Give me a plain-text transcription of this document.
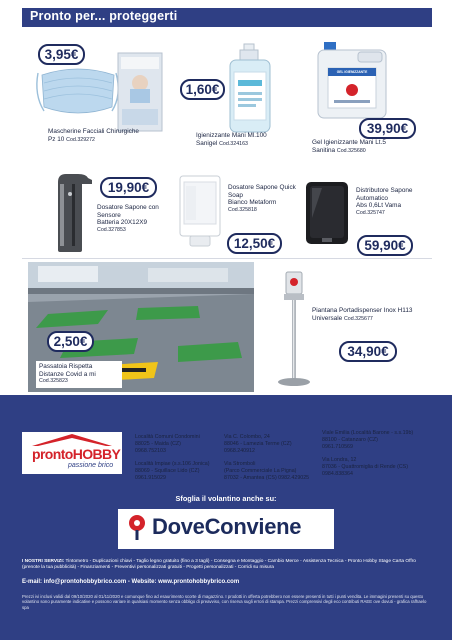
Pronto per... proteggerti
3,95€
Mascherine Facciali Chirurgiche
Pz 10 Cod.329272
1,60€
Igienizzante Mani Ml.100
Sanigel Cod.324163
GEL IGIENIZZANTE
39,90€
Gel Igienizzante Mani Lt.5
Sanitina Cod.325680
19,90€
Dosatore Sapone con Sensore
Batteria 20X12X9
Cod.327853
Dosatore Sapone Quick Soap
Bianco Metaform
Cod.325818
12,50€
Distributore Sapone Automatico
Abs 0,6Lt Vama
Cod.325747
59,90€
2,50€
Passatoia Rispetta
Distanze Covid a mi
Cod.325823
Piantana Portadispenser Inox H113
Universale Cod.325677
34,90€
prontoHOBBY
passione brico
Località Comuni Condomini
88025 - Maida (CZ)
0968.752103
Località Impiae (s.s.106 Jonica)
88069 - Squillace Lido (CZ)
0961.915029
Via C. Colombo, 24
88046 - Lamezia Terme (CZ)
0968.240912
Via Stromboli
(Parco Commerciale La Pigna)
87032 - Amantea (CS) 0982.429025
Viale Emilia (Località Barone - s.s.19b)
88100 - Catanzaro (CZ)
0961.710569
Via Londra, 12
87036 - Quattromiglia di Rende (CS)
0984.838364
Sfoglia il volantino anche su:
DoveConviene
I NOSTRI SERVIZI: Tintometro - Duplicazioni chiavi - Taglio legno gratuito (fino a 3 tagli) - Consegna e Montaggio - Cambio Merce - Assistenza Tecnica - Pronto Hobby Stage Carta Offro (prenote la tua pubblicità) - Finanziamenti - Preventivi personalizzati gratuiti - Progetti personalizzati - Corridi su misura
E-mail: info@prontohobbybrico.com - Website: www.prontohobbybrico.com
Prezzi ivi inclusi validi dal 09/10/2020 al 01/11/2020 e comunque fino ad esaurimento scorte di magazzino. I prodotti in offerta potrebbero non essere presenti in tutti i punti vendita. Le immagini presenti su questo volantino sono puramente indicative e possono variare in qualsiasi momento senza obbligo di preavviso, con riserva sugli errori di stampa. Prezzi comprensivi degli eco contributi RAEE ove dovuti - grafica rafhaelo spa
